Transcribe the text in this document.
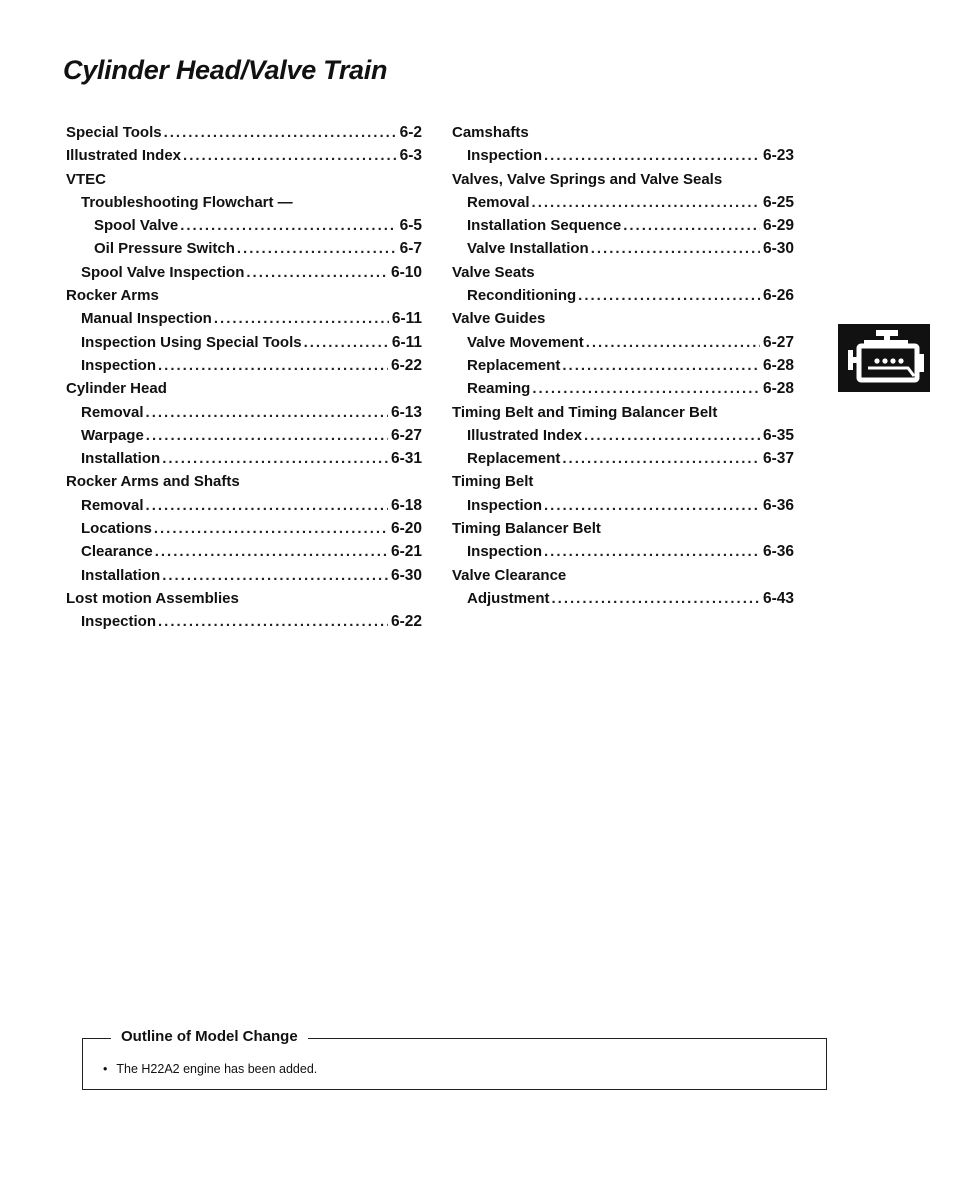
Cylinder Head/Valve Train
Special Tools .....	6-2
Illustrated Index .....	6-3
VTEC
Troubleshooting Flowchart —
Spool Valve .....	6-5
Oil Pressure Switch .....	6-7
Spool Valve Inspection .....	6-10
Rocker Arms
Manual Inspection .....	6-11
Inspection Using Special Tools .....	6-11
Inspection .....	6-22
Cylinder Head
Removal .....	6-13
Warpage .....	6-27
Installation .....	6-31
Rocker Arms and Shafts
Removal .....	6-18
Locations .....	6-20
Clearance .....	6-21
Installation .....	6-30
Lost motion Assemblies
Inspection .....	6-22
Camshafts
Inspection .....	6-23
Valves, Valve Springs and Valve Seals
Removal .....	6-25
Installation Sequence .....	6-29
Valve Installation .....	6-30
Valve Seats
Reconditioning .....	6-26
Valve Guides
Valve Movement .....	6-27
Replacement .....	6-28
Reaming .....	6-28
Timing Belt and Timing Balancer Belt
Illustrated Index .....	6-35
Replacement .....	6-37
Timing Belt
Inspection .....	6-36
Timing Balancer Belt
Inspection .....	6-36
Valve Clearance
Adjustment .....	6-43
Outline of Model Change
• The H22A2 engine has been added.
